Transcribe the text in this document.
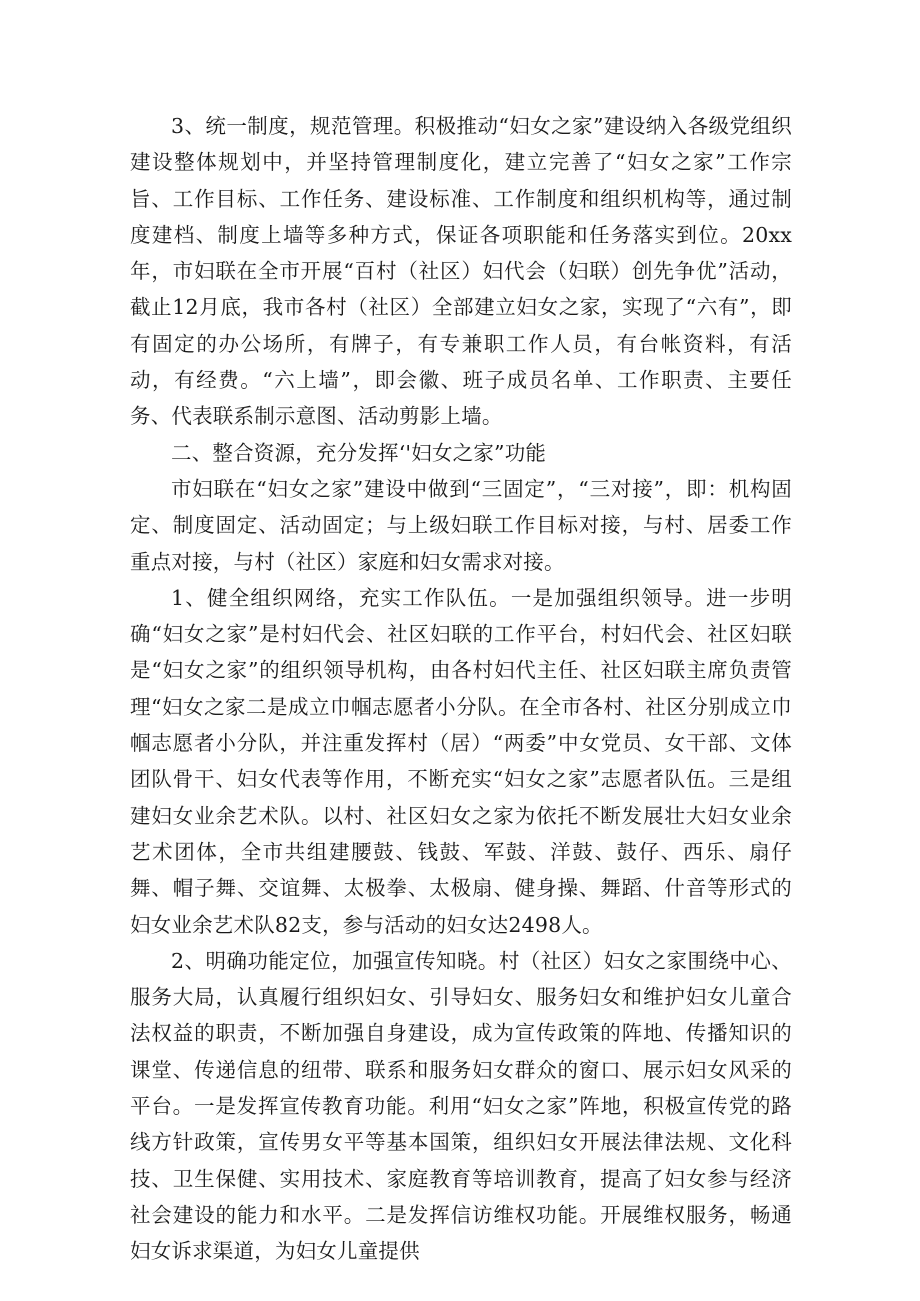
3、统一制度，规范管理。积极推动“妇女之家”建设纳入各级党组织建设整体规划中，并坚持管理制度化，建立完善了“妇女之家”工作宗旨、工作目标、工作任务、建设标准、工作制度和组织机构等，通过制度建档、制度上墙等多种方式，保证各项职能和任务落实到位。20xx年，市妇联在全市开展“百村（社区）妇代会（妇联）创先争优”活动，截止12月底，我市各村（社区）全部建立妇女之家，实现了“六有”，即有固定的办公场所，有牌子，有专兼职工作人员，有台帐资料，有活动，有经费。“六上墙”，即会徽、班子成员名单、工作职责、主要任务、代表联系制示意图、活动剪影上墙。

二、整合资源，充分发挥‘'妇女之家”功能

市妇联在“妇女之家”建设中做到“三固定”，“三对接”，即：机构固定、制度固定、活动固定；与上级妇联工作目标对接，与村、居委工作重点对接，与村（社区）家庭和妇女需求对接。

1、健全组织网络，充实工作队伍。一是加强组织领导。进一步明确“妇女之家”是村妇代会、社区妇联的工作平台，村妇代会、社区妇联是“妇女之家”的组织领导机构，由各村妇代主任、社区妇联主席负责管理“妇女之家二是成立巾帼志愿者小分队。在全市各村、社区分别成立巾帼志愿者小分队，并注重发挥村（居）“两委”中女党员、女干部、文体团队骨干、妇女代表等作用，不断充实“妇女之家”志愿者队伍。三是组建妇女业余艺术队。以村、社区妇女之家为依托不断发展壮大妇女业余艺术团体，全市共组建腰鼓、钱鼓、军鼓、洋鼓、鼓仔、西乐、扇仔舞、帽子舞、交谊舞、太极拳、太极扇、健身操、舞蹈、什音等形式的妇女业余艺术队82支，参与活动的妇女达2498人。

2、明确功能定位，加强宣传知晓。村（社区）妇女之家围绕中心、服务大局，认真履行组织妇女、引导妇女、服务妇女和维护妇女儿童合法权益的职责，不断加强自身建设，成为宣传政策的阵地、传播知识的课堂、传递信息的纽带、联系和服务妇女群众的窗口、展示妇女风采的平台。一是发挥宣传教育功能。利用“妇女之家”阵地，积极宣传党的路线方针政策，宣传男女平等基本国策，组织妇女开展法律法规、文化科技、卫生保健、实用技术、家庭教育等培训教育，提高了妇女参与经济社会建设的能力和水平。二是发挥信访维权功能。开展维权服务，畅通妇女诉求渠道，为妇女儿童提供
